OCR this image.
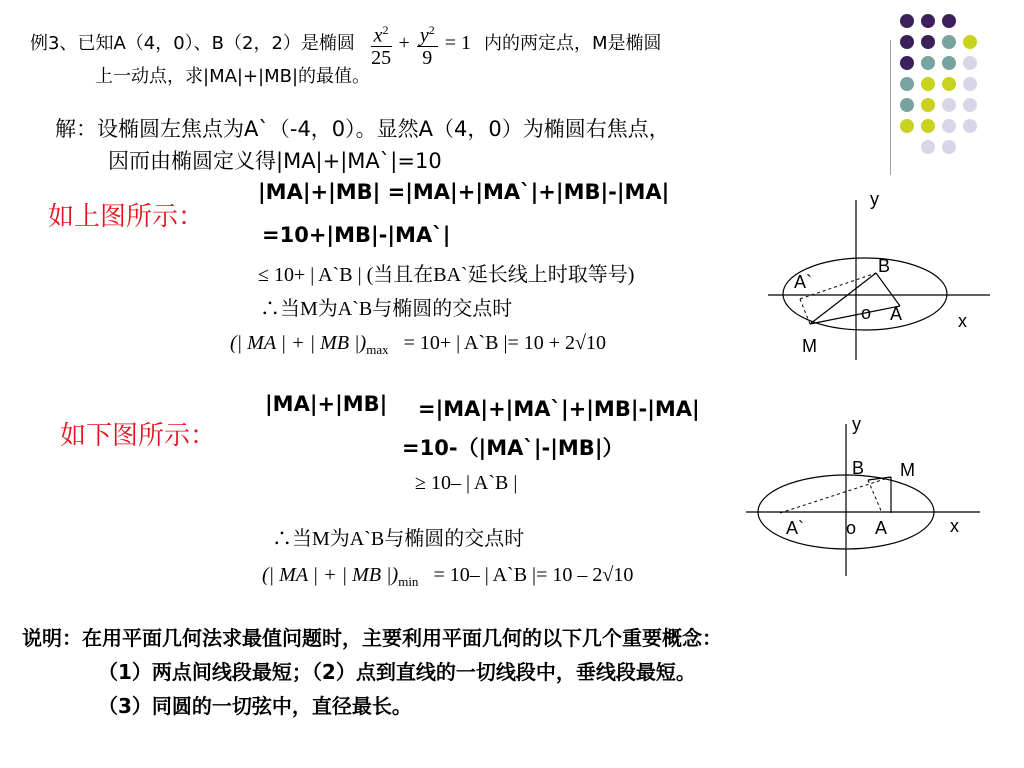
例3、已知A（4，0）、B（2，2）是椭圆 $\frac{x^2}{25} + \frac{y^2}{9} = 1$ 内的两定点，M是椭圆
上一动点，求|MA|+|MB|的最值。
解：设椭圆左焦点为A`（-4，0）。显然A（4，0）为椭圆右焦点，
因而由椭圆定义得|MA|+|MA`|=10
如上图所示：
|MA|+|MB| =|MA|+|MA`|+|MB|-|MA|
=10+|MB|-|MA`|
≤ 10+ | A`B | (当且在BA`延长线上时取等号)
∴当M为A`B与椭圆的交点时
(| MA | + | MB $|)_{max} = 10+$ | A`B |= 10 + 2√10
y
x
B
A`
o A
M
如下图所示：
|MA|+|MB| =|MA|+|MA`|+|MB|-|MA|
=10-（|MA`|-|MB|）
≥ 10– | A`B |
∴当M为A`B与椭圆的交点时
(| MA | + | MB $|)_{min} = 10-$ | A`B |= 10 – 2√10
y
x
B M
A` o A
说明：在用平面几何法求最值问题时，主要利用平面几何的以下几个重要概念：
（1）两点间线段最短；（2）点到直线的一切线段中，垂线段最短。
（3）同圆的一切弦中，直径最长。
